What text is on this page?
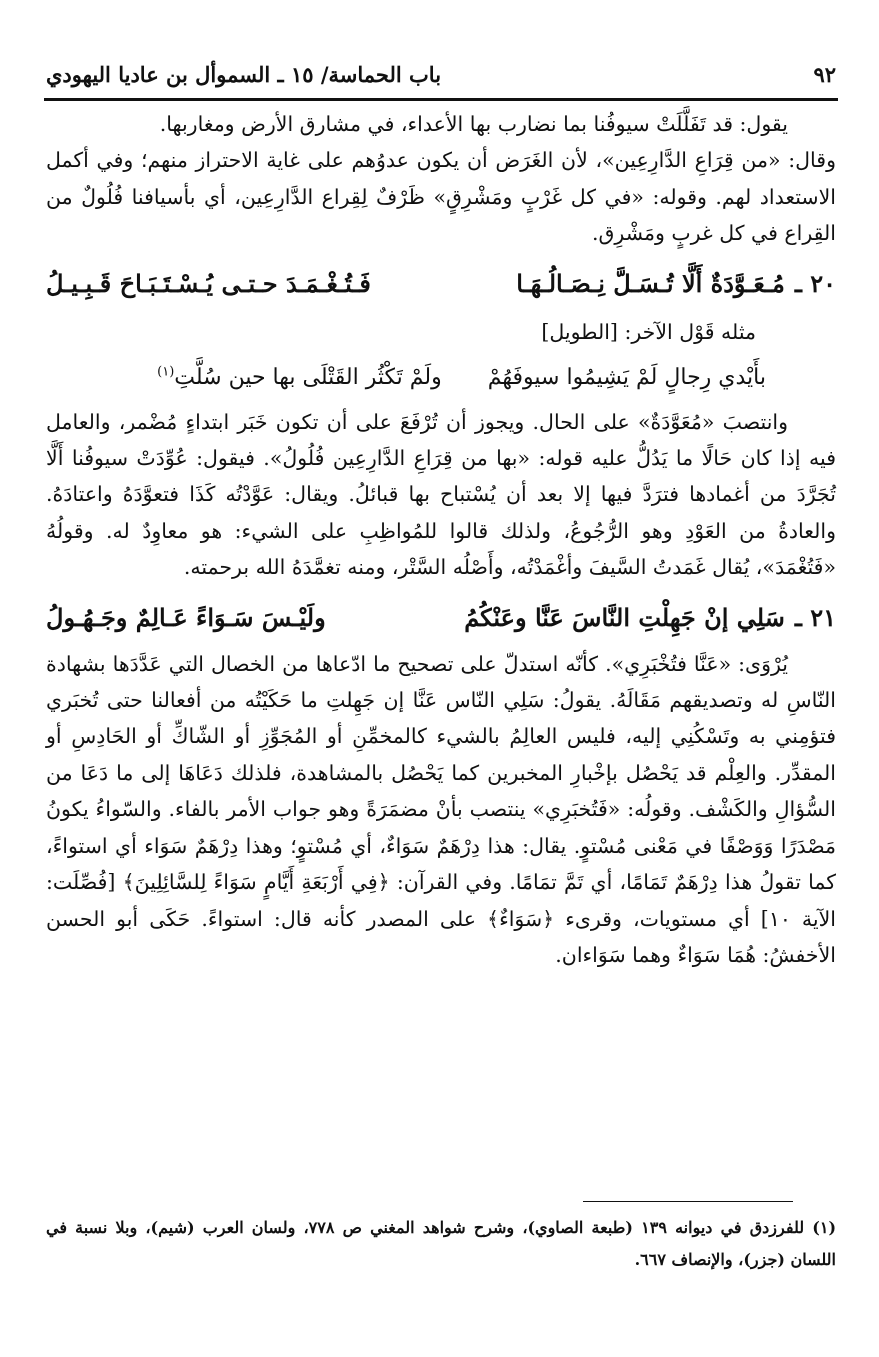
٩٢
باب الحماسة/ ١٥ ـ السموأل بن عاديا اليهودي

يقول: قد تَفَلَّلَتْ سيوفُنا بما نضارب بها الأعداء، في مشارق الأرض ومغاربها.

وقال: «من قِرَاعِ الدَّارِعِين»، لأن الغَرَض أن يكون عدوُهم على غاية الاحتراز منهم؛ وفي أكمل الاستعداد لهم. وقوله: «في كل غَرْبٍ ومَشْرِقٍ» ظَرْفٌ لِقِراع الدَّارِعِين، أي بأسيافنا فُلُولٌ من القِراع في كل غربٍ ومَشْرِق.

٢٠ ـ
مُـعَـوَّدَةٌ أَلَّا تُـسَـلَّ نِـصَـالُـهَـا
فَـتُـغْـمَـدَ حـتـى يُـسْـتَـبَـاحَ قَـبِـيـلُ

مثله قَوْل الآخر: [الطويل]

بأَيْدي رِجالٍ لَمْ يَشِيمُوا سيوفَهُمْ
ولَمْ تَكْثُر القَتْلَى بها حين سُلَّتِ$^{(١)}$

وانتصبَ «مُعَوَّدَةٌ» على الحال. ويجوز أن تُرْفَعَ على أن تكون خَبَر ابتداءٍ مُضْمر، والعامل فيه إذا كان حَالًا ما يَدُلُّ عليه قوله: «بها من قِرَاعِ الدَّارِعِين فُلُولُ». فيقول: عُوِّدَتْ سيوفُنا أَلَّا تُجَرَّدَ من أغمادها فترَدَّ فيها إلا بعد أن يُسْتباح بها قبائلُ. ويقال: عَوَّدْتُه كَذَا فتعوَّدَهُ واعتادَهُ. والعادةُ من العَوْدِ وهو الرُّجُوعُ، ولذلك قالوا للمُواظِبِ على الشيء: هو معاوِدٌ له. وقولُهُ «فَتُغْمَدَ»، يُقال غَمَدتُ السَّيفَ وأغْمَدْتُه، وأَصْلُه السَّتْر، ومنه تغمَّدَهُ الله برحمته.

٢١ ـ
سَلِي إنْ جَهِلْتِ النَّاسَ عَنَّا وعَنْكُمُ
ولَيْـسَ سَـوَاءً عَـالِمٌ وجَـهُـولُ

يُرْوَى: «عَنَّا فتُخْبَرِي». كأنّه استدلّ على تصحيح ما ادّعاها من الخصال التي عَدَّدَها بشهادة النّاسِ له وتصديقهم مَقَالَهُ. يقولُ: سَلِي النّاس عَنَّا إن جَهِلتِ ما حَكَيْتُه من أفعالنا حتى تُخبَري فتؤمِني به وتَسْكُنِي إليه، فليس العالِمُ بالشيء كالمخمِّنِ أو المُجَوِّزِ أو الشّاكِّ أو الحَادِسِ أو المقدِّر. والعِلْم قد يَحْصُل بإخْبارِ المخبرين كما يَحْصُل بالمشاهدة، فلذلك دَعَاهَا إلى ما دَعَا من السُّؤالِ والكَشْف. وقولُه: «فَتُخبَرِي» ينتصب بأنْ مضمَرَةً وهو جواب الأمر بالفاء. والسّواءُ يكونُ مَصْدَرًا وَوَصْفًا في مَعْنى مُسْتوٍ. يقال: هذا دِرْهَمٌ سَوَاءٌ، أي مُسْتوٍ؛ وهذا دِرْهَمٌ سَوَاء أي استواءً، كما تقولُ هذا دِرْهَمٌ تَمَامًا، أي تَمَّ تمَامًا. وفي القرآن: ﴿فِي أَرْبَعَةِ أَيَّامٍ سَوَاءً لِلسَّائِلِينَ﴾ [فُصِّلَت: الآية ١٠] أي مستويات، وقرىء ﴿سَوَاءٌ﴾ على المصدر كأنه قال: استواءً. حَكَى أبو الحسن الأخفشُ: هُمَا سَوَاءٌ وهما سَوَاءان.

(١) للفرزدق في ديوانه ١٣٩ (طبعة الصاوي)، وشرح شواهد المغني ص ٧٧٨، ولسان العرب (شيم)، وبلا نسبة في اللسان (جزر)، والإنصاف ٦٦٧.
